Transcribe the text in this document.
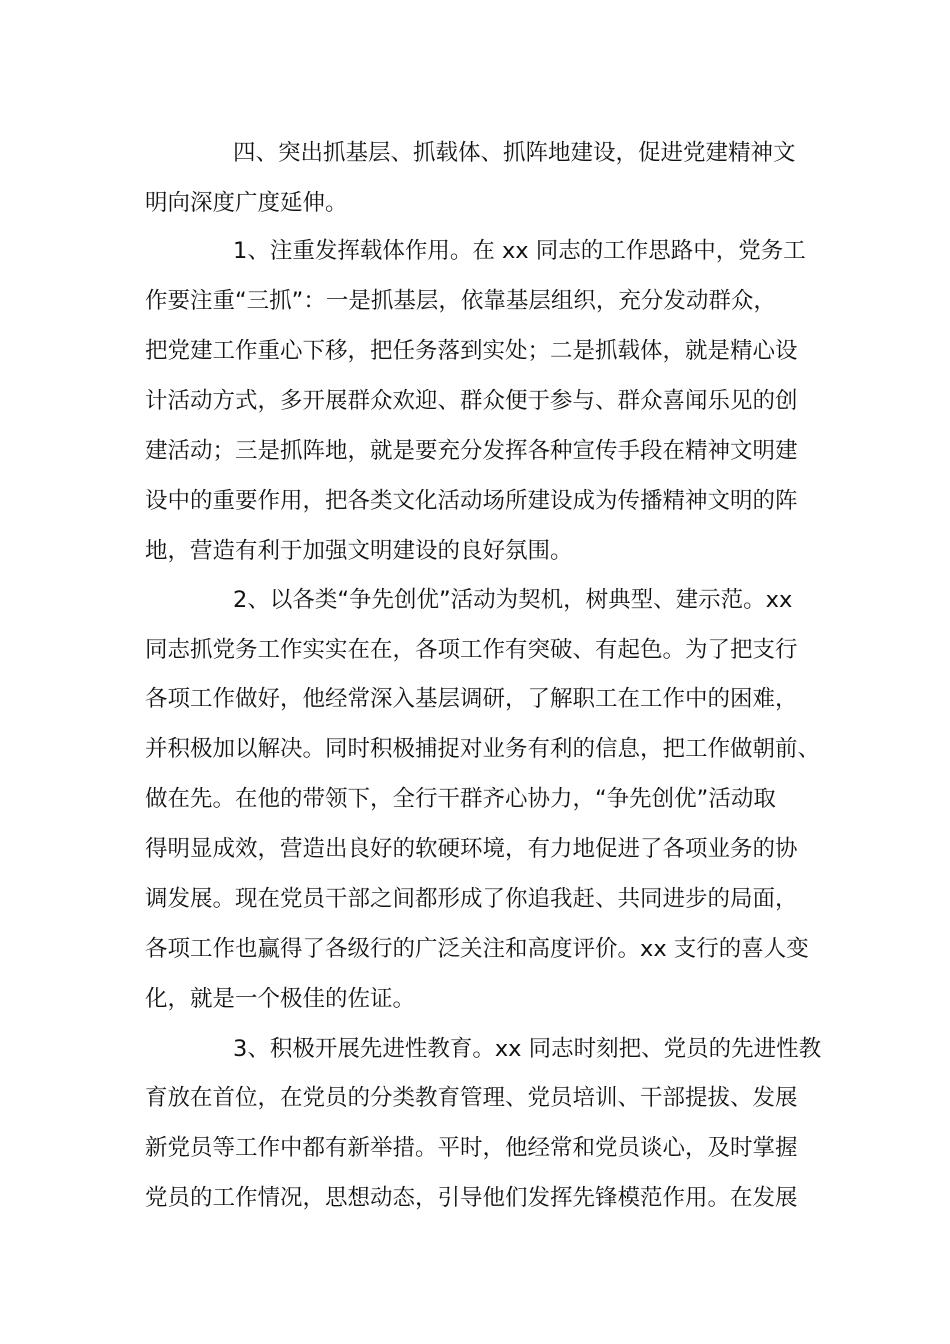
四、突出抓基层、抓载体、抓阵地建设，促进党建精神文

明向深度广度延伸。

1、注重发挥载体作用。在 xx 同志的工作思路中，党务工

作要注重“三抓”：一是抓基层，依靠基层组织，充分发动群众，

把党建工作重心下移，把任务落到实处；二是抓载体，就是精心设

计活动方式，多开展群众欢迎、群众便于参与、群众喜闻乐见的创

建活动；三是抓阵地，就是要充分发挥各种宣传手段在精神文明建

设中的重要作用，把各类文化活动场所建设成为传播精神文明的阵

地，营造有利于加强文明建设的良好氛围。

2、以各类“争先创优”活动为契机，树典型、建示范。xx

同志抓党务工作实实在在，各项工作有突破、有起色。为了把支行

各项工作做好，他经常深入基层调研，了解职工在工作中的困难，

并积极加以解决。同时积极捕捉对业务有利的信息，把工作做朝前、

做在先。在他的带领下，全行干群齐心协力，“争先创优”活动取

得明显成效，营造出良好的软硬环境，有力地促进了各项业务的协

调发展。现在党员干部之间都形成了你追我赶、共同进步的局面，

各项工作也赢得了各级行的广泛关注和高度评价。xx 支行的喜人变

化，就是一个极佳的佐证。

3、积极开展先进性教育。xx 同志时刻把、党员的先进性教

育放在首位，在党员的分类教育管理、党员培训、干部提拔、发展

新党员等工作中都有新举措。平时，他经常和党员谈心，及时掌握

党员的工作情况，思想动态，引导他们发挥先锋模范作用。在发展
